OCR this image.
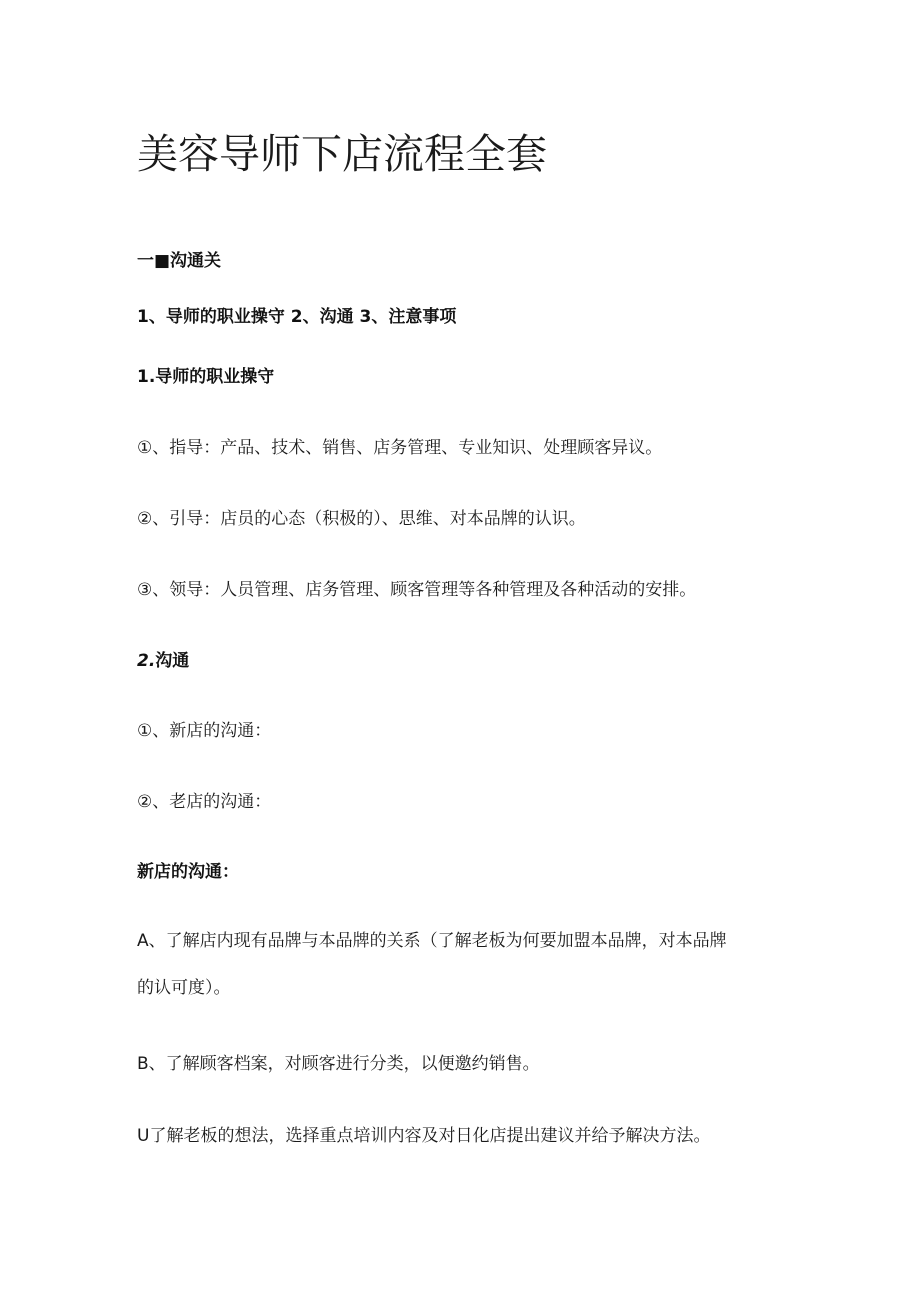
美容导师下店流程全套
一■沟通关
1、导师的职业操守 2、沟通 3、注意事项
1.导师的职业操守
①、指导：产品、技术、销售、店务管理、专业知识、处理顾客异议。
②、引导：店员的心态（积极的）、思维、对本品牌的认识。
③、领导：人员管理、店务管理、顾客管理等各种管理及各种活动的安排。
2.沟通
①、新店的沟通：
②、老店的沟通：
新店的沟通：
A、了解店内现有品牌与本品牌的关系（了解老板为何要加盟本品牌，对本品牌
的认可度）。
B、了解顾客档案，对顾客进行分类，以便邀约销售。
U了解老板的想法，选择重点培训内容及对日化店提出建议并给予解决方法。
